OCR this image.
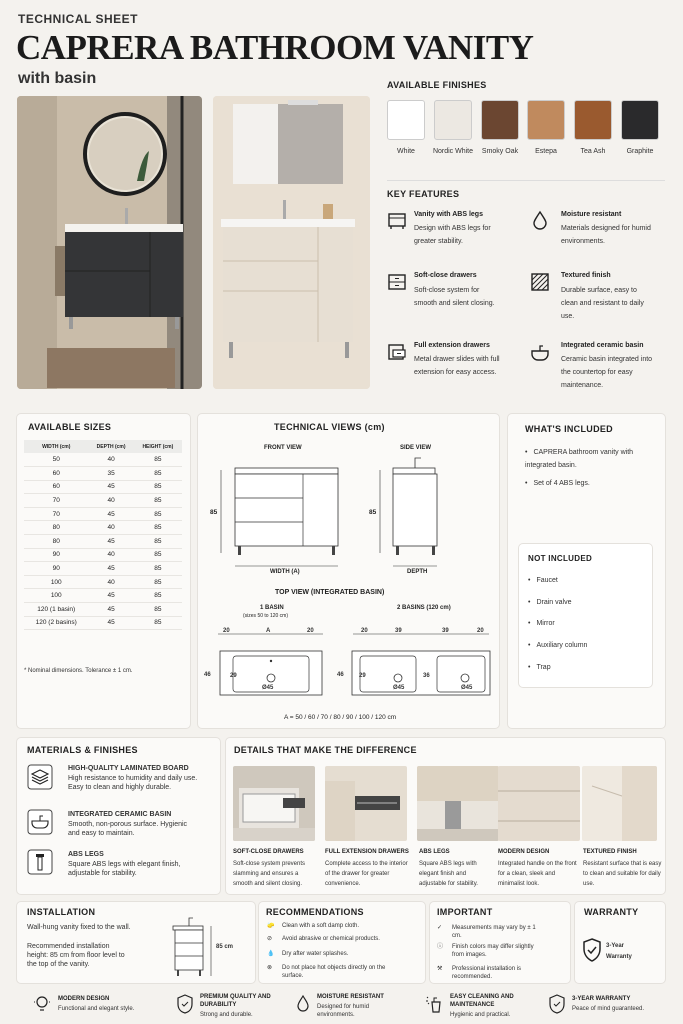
TECHNICAL SHEET
CAPRERA BATHROOM VANITY
with basin	AVAILABLE FINISHES
White	Nordic White	Smoky Oak	Estepa	Tea Ash	Graphite
KEY FEATURES
Vanity with ABS legs
Design with ABS legs for greater stability.
Moisture resistant
Materials designed for humid environments.
Soft-close drawers
Soft-close system for smooth and silent closing.
Textured finish
Durable surface, easy to clean and resistant to daily use.
Full extension drawers
Metal drawer slides with full extension for easy access.
Integrated ceramic basin
Ceramic basin integrated into the countertop for easy maintenance.
AVAILABLE SIZES
WIDTH (cm)	DEPTH (cm)	HEIGHT (cm)
50	40	85
60	35	85
60	45	85
70	40	85
70	45	85
80	40	85
80	45	85
90	40	85
90	45	85
100	40	85
100	45	85
120 (1 basin)	45	85
120 (2 basins)	45	85
* Nominal dimensions. Tolerance ± 1 cm.
TECHNICAL VIEWS (cm)
FRONT VIEW	SIDE VIEW
85	85
WIDTH (A)	DEPTH
TOP VIEW (INTEGRATED BASIN)
1 BASIN
(sizes 50 to 120 cm)
2 BASINS (120 cm)
20	A	20	20	39	39	20
46	29
Ø45
46	29	36
Ø45	Ø45
A = 50 / 60 / 70 / 80 / 90 / 100 / 120 cm
WHAT'S INCLUDED
• CAPRERA bathroom vanity with integrated basin.
• Set of 4 ABS legs.
NOT INCLUDED
• Faucet
• Drain valve
• Mirror
• Auxiliary column
• Trap
MATERIALS & FINISHES
HIGH-QUALITY LAMINATED BOARD
High resistance to humidity and daily use. Easy to clean and highly durable.
INTEGRATED CERAMIC BASIN
Smooth, non-porous surface. Hygienic and easy to maintain.
ABS LEGS
Square ABS legs with elegant finish, adjustable for stability.
DETAILS THAT MAKE THE DIFFERENCE
SOFT-CLOSE DRAWERS
Soft-close system prevents slamming and ensures a smooth and silent closing.
FULL EXTENSION DRAWERS
Complete access to the interior of the drawer for greater convenience.
ABS LEGS
Square ABS legs with elegant finish and adjustable for stability.
MODERN DESIGN
Integrated handle on the front for a clean, sleek and minimalist look.
TEXTURED FINISH
Resistant surface that is easy to clean and suitable for daily use.
INSTALLATION
Wall-hung vanity fixed to the wall.
Recommended installation height: 85 cm from floor level to the top of the vanity.
85 cm
RECOMMENDATIONS
🧽 Clean with a soft damp cloth.
⊘ Avoid abrasive or chemical products.
💧 Dry after water splashes.
⊗ Do not place hot objects directly on the surface.
IMPORTANT
✓ Measurements may vary by ± 1 cm.
ⓘ Finish colors may differ slightly from images.
⚒ Professional installation is recommended.
WARRANTY
3-Year Warranty
MODERN DESIGN
Functional and elegant style.
PREMIUM QUALITY AND DURABILITY
Strong and durable.
MOISTURE RESISTANT
Designed for humid environments.
EASY CLEANING AND MAINTENANCE
Hygienic and practical.
3-YEAR WARRANTY
Peace of mind guaranteed.
